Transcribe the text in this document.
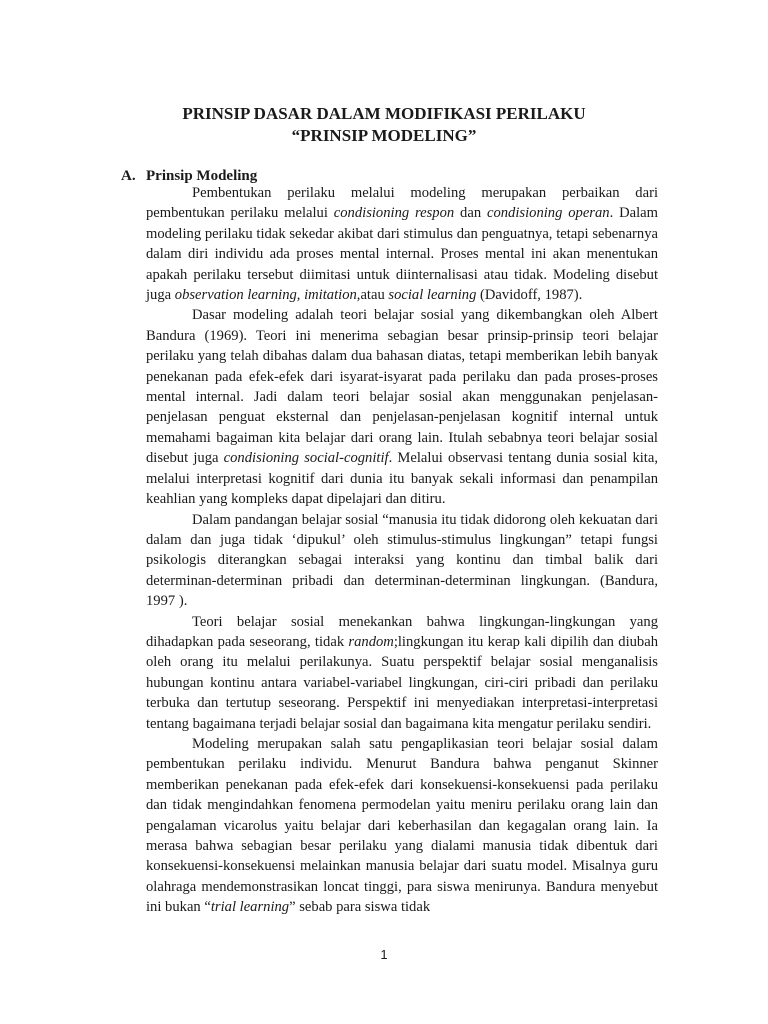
PRINSIP DASAR DALAM MODIFIKASI PERILAKU
“PRINSIP MODELING”
A. Prinsip Modeling

Pembentukan perilaku melalui modeling merupakan perbaikan dari pembentukan perilaku melalui condisioning respon dan condisioning operan. Dalam modeling perilaku tidak sekedar akibat dari stimulus dan penguatnya, tetapi sebenarnya dalam diri individu ada proses mental internal. Proses mental ini akan menentukan apakah perilaku tersebut diimitasi untuk diinternalisasi atau tidak. Modeling disebut juga observation learning, imitation,atau social learning (Davidoff, 1987).

Dasar modeling adalah teori belajar sosial yang dikembangkan oleh Albert Bandura (1969). Teori ini menerima sebagian besar prinsip-prinsip teori belajar perilaku yang telah dibahas dalam dua bahasan diatas, tetapi memberikan lebih banyak penekanan pada efek-efek dari isyarat-isyarat pada perilaku dan pada proses-proses mental internal. Jadi dalam teori belajar sosial akan menggunakan penjelasan-penjelasan penguat eksternal dan penjelasan-penjelasan kognitif internal untuk memahami bagaiman kita belajar dari orang lain. Itulah sebabnya teori belajar sosial disebut juga condisioning social-cognitif. Melalui observasi tentang dunia sosial kita, melalui interpretasi kognitif dari dunia itu banyak sekali informasi dan penampilan keahlian yang kompleks dapat dipelajari dan ditiru.

Dalam pandangan belajar sosial “manusia itu tidak didorong oleh kekuatan dari dalam dan juga tidak ‘dipukul’ oleh stimulus-stimulus lingkungan” tetapi fungsi psikologis diterangkan sebagai interaksi yang kontinu dan timbal balik dari determinan-determinan pribadi dan determinan-determinan lingkungan. (Bandura, 1997 ).

Teori belajar sosial menekankan bahwa lingkungan-lingkungan yang dihadapkan pada seseorang, tidak random;lingkungan itu kerap kali dipilih dan diubah oleh orang itu melalui perilakunya. Suatu perspektif belajar sosial menganalisis hubungan kontinu antara variabel-variabel lingkungan, ciri-ciri pribadi dan perilaku terbuka dan tertutup seseorang. Perspektif ini menyediakan interpretasi-interpretasi tentang bagaimana terjadi belajar sosial dan bagaimana kita mengatur perilaku sendiri.

Modeling merupakan salah satu pengaplikasian teori belajar sosial dalam pembentukan perilaku individu. Menurut Bandura bahwa penganut Skinner memberikan penekanan pada efek-efek dari konsekuensi-konsekuensi pada perilaku dan tidak mengindahkan fenomena permodelan yaitu meniru perilaku orang lain dan pengalaman vicarolus yaitu belajar dari keberhasilan dan kegagalan orang lain. Ia merasa bahwa sebagian besar perilaku yang dialami manusia tidak dibentuk dari konsekuensi-konsekuensi melainkan manusia belajar dari suatu model. Misalnya guru olahraga mendemonstrasikan loncat tinggi, para siswa menirunya. Bandura menyebut ini bukan “trial learning” sebab para siswa tidak

1
